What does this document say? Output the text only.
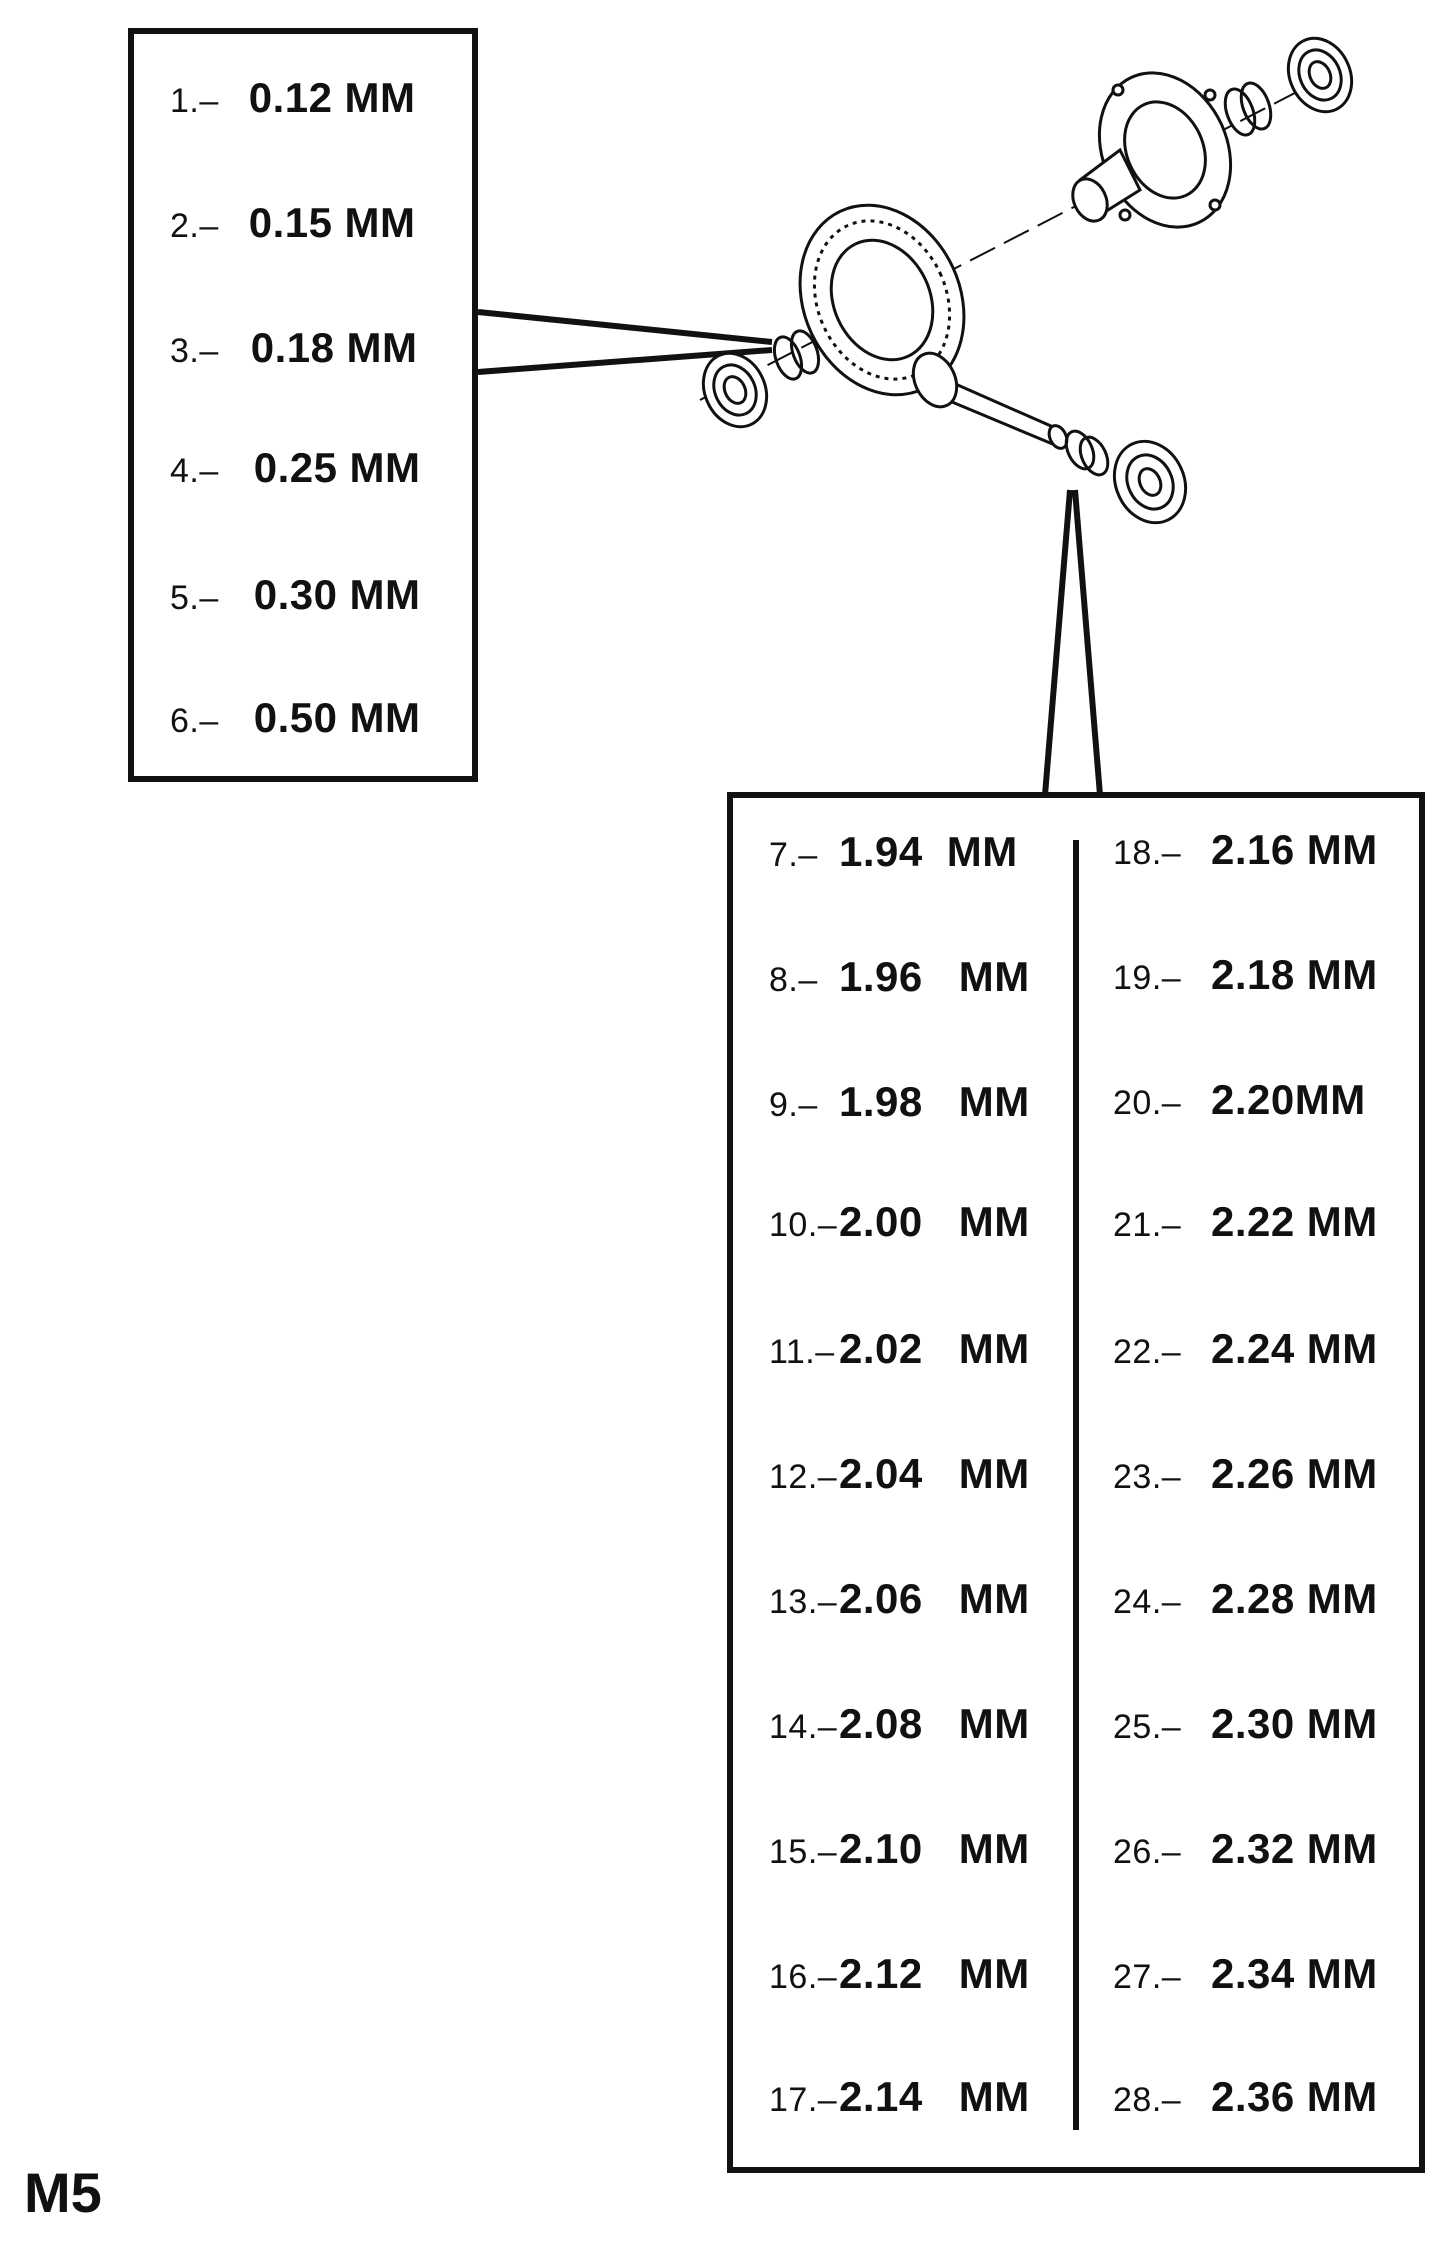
1.– 0.12 MM
2.– 0.15 MM
3.– 0.18 MM
4.– 0.25 MM
5.– 0.30 MM
6.– 0.50 MM
7.– 1.94 MM
8.– 1.96 MM
9.– 1.98 MM
10.– 2.00 MM
11.– 2.02 MM
12.– 2.04 MM
13.– 2.06 MM
14.– 2.08 MM
15.– 2.10 MM
16.– 2.12 MM
17.– 2.14 MM
18.– 2.16 MM
19.– 2.18 MM
20.– 2.20MM
21.– 2.22 MM
22.– 2.24 MM
23.– 2.26 MM
24.– 2.28 MM
25.– 2.30 MM
26.– 2.32 MM
27.– 2.34 MM
28.– 2.36 MM
M5
